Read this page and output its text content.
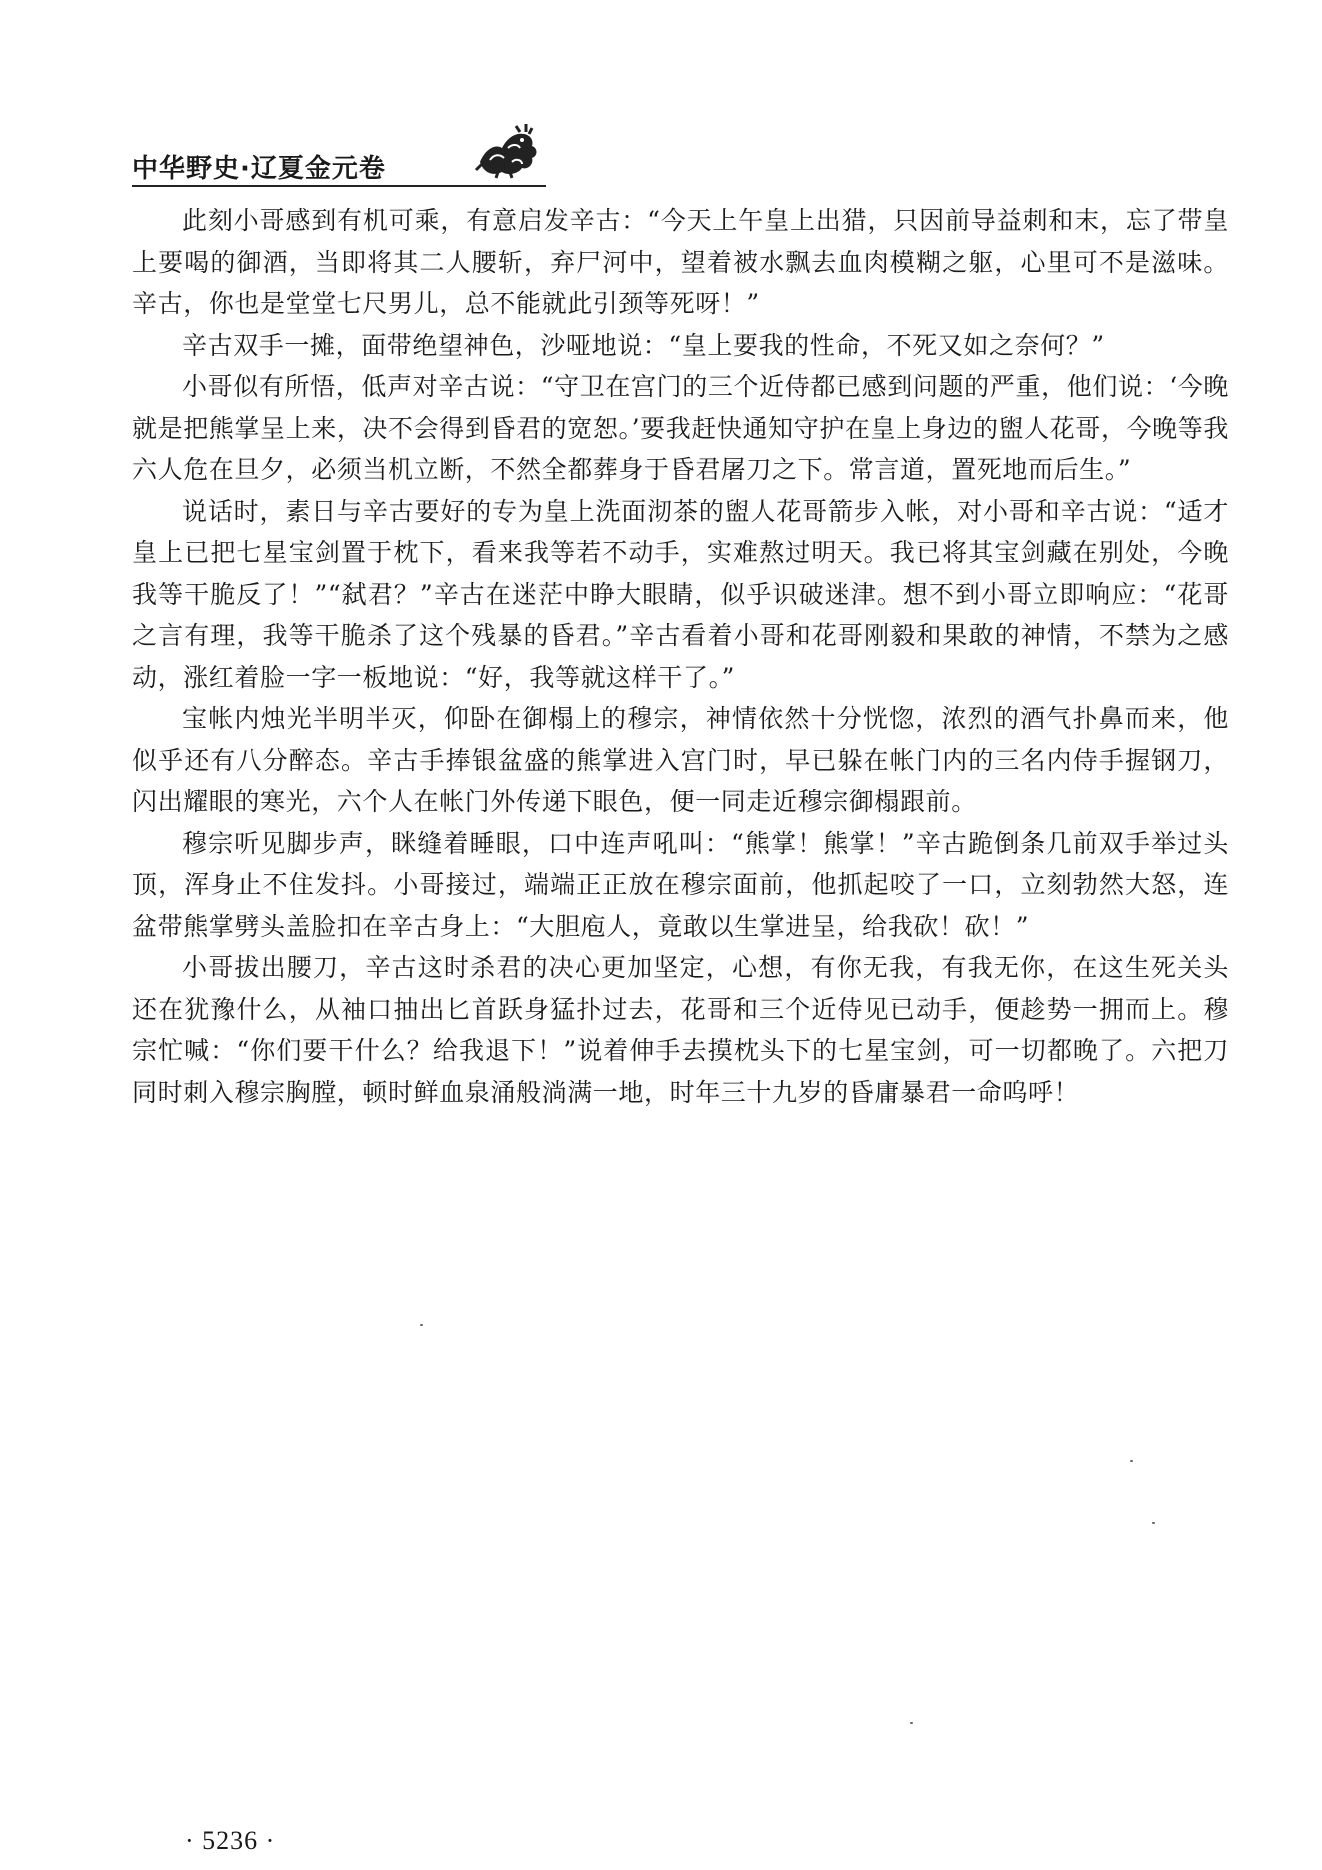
中华野史·辽夏金元卷

此刻小哥感到有机可乘，有意启发辛古：“今天上午皇上出猎，只因前导益刺和末，忘了带皇上要喝的御酒，当即将其二人腰斩，弃尸河中，望着被水飘去血肉模糊之躯，心里可不是滋味。辛古，你也是堂堂七尺男儿，总不能就此引颈等死呀！”

辛古双手一摊，面带绝望神色，沙哑地说：“皇上要我的性命，不死又如之奈何？”

小哥似有所悟，低声对辛古说：“守卫在宫门的三个近侍都已感到问题的严重，他们说：‘今晚就是把熊掌呈上来，决不会得到昏君的宽恕。’要我赶快通知守护在皇上身边的盥人花哥，今晚等我六人危在旦夕，必须当机立断，不然全都葬身于昏君屠刀之下。常言道，置死地而后生。”

说话时，素日与辛古要好的专为皇上洗面沏茶的盥人花哥箭步入帐，对小哥和辛古说：“适才皇上已把七星宝剑置于枕下，看来我等若不动手，实难熬过明天。我已将其宝剑藏在别处，今晚我等干脆反了！”“弑君？”辛古在迷茫中睁大眼睛，似乎识破迷津。想不到小哥立即响应：“花哥之言有理，我等干脆杀了这个残暴的昏君。”辛古看着小哥和花哥刚毅和果敢的神情，不禁为之感动，涨红着脸一字一板地说：“好，我等就这样干了。”

宝帐内烛光半明半灭，仰卧在御榻上的穆宗，神情依然十分恍惚，浓烈的酒气扑鼻而来，他似乎还有八分醉态。辛古手捧银盆盛的熊掌进入宫门时，早已躲在帐门内的三名内侍手握钢刀，闪出耀眼的寒光，六个人在帐门外传递下眼色，便一同走近穆宗御榻跟前。

穆宗听见脚步声，眯缝着睡眼，口中连声吼叫：“熊掌！熊掌！”辛古跪倒条几前双手举过头顶，浑身止不住发抖。小哥接过，端端正正放在穆宗面前，他抓起咬了一口，立刻勃然大怒，连盆带熊掌劈头盖脸扣在辛古身上：“大胆庖人，竟敢以生掌进呈，给我砍！砍！”

小哥拔出腰刀，辛古这时杀君的决心更加坚定，心想，有你无我，有我无你，在这生死关头还在犹豫什么，从袖口抽出匕首跃身猛扑过去，花哥和三个近侍见已动手，便趁势一拥而上。穆宗忙喊：“你们要干什么？给我退下！”说着伸手去摸枕头下的七星宝剑，可一切都晚了。六把刀同时刺入穆宗胸膛，顿时鲜血泉涌般淌满一地，时年三十九岁的昏庸暴君一命呜呼！

· 5236 ·
